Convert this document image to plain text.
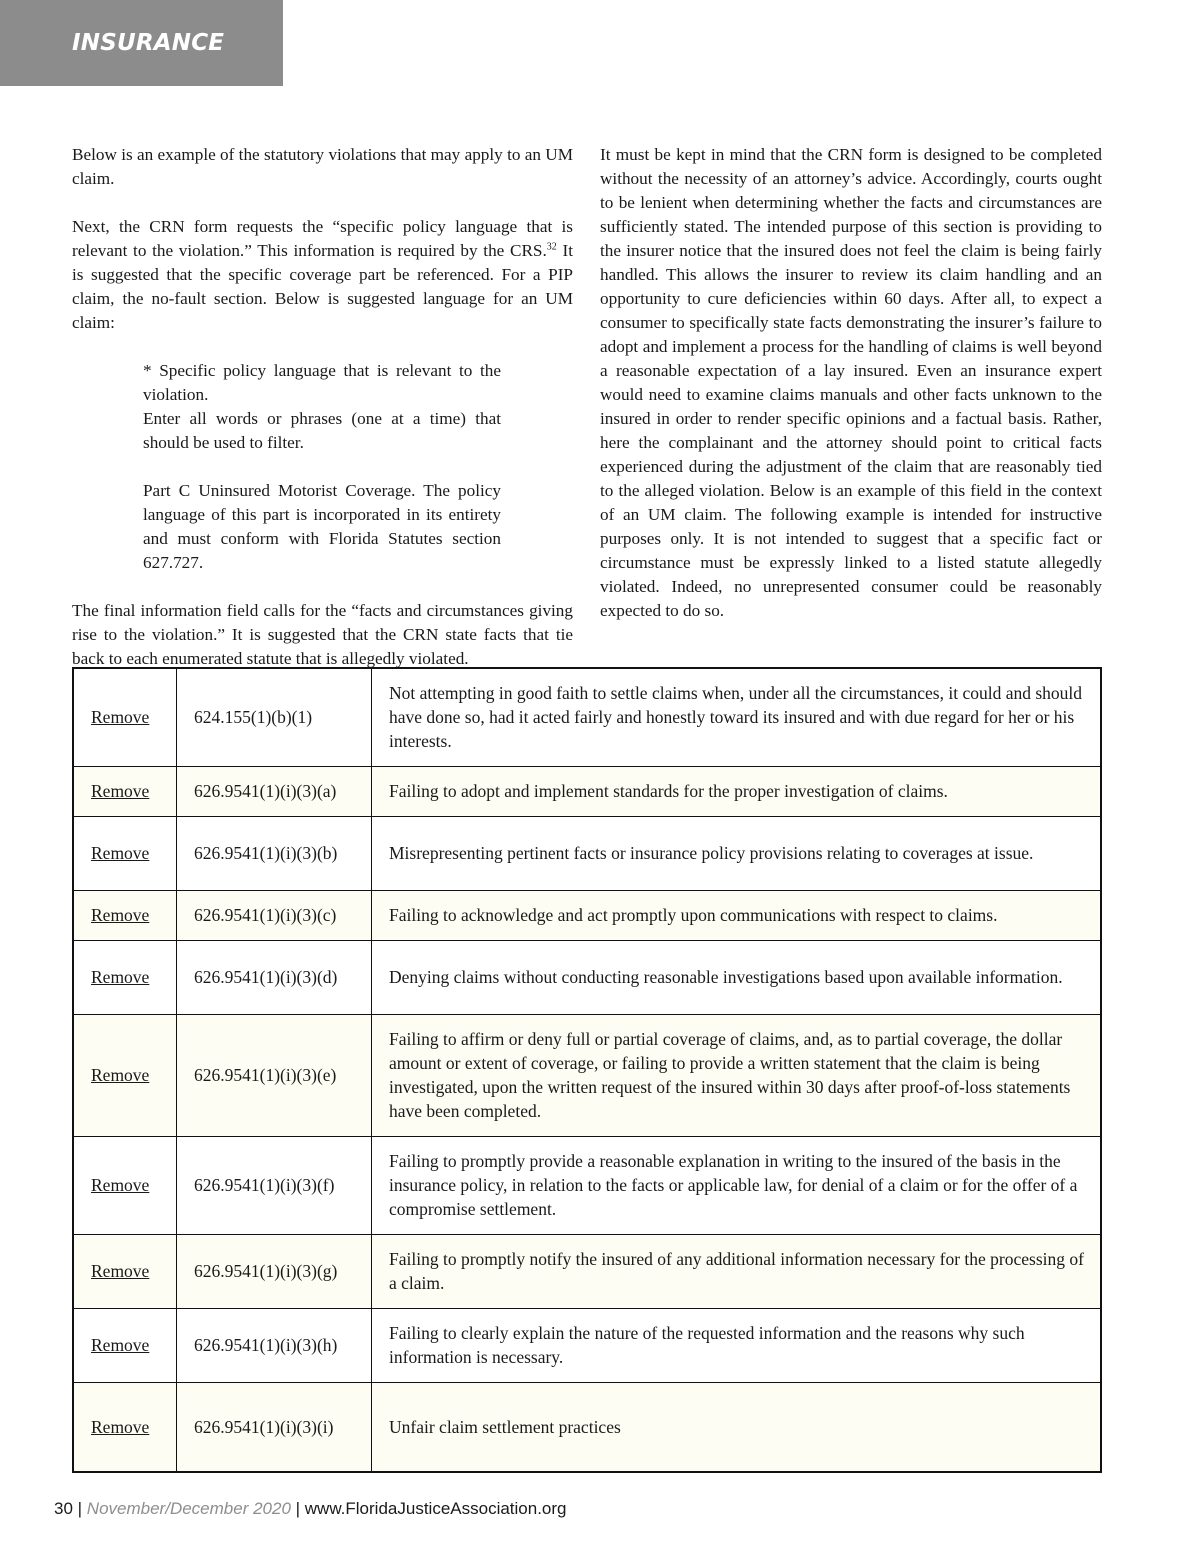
INSURANCE

Below is an example of the statutory violations that may apply to an UM claim.

Next, the CRN form requests the “specific policy language that is relevant to the violation.” This information is required by the CRS.$^{32}$ It is suggested that the specific coverage part be referenced. For a PIP claim, the no-fault section. Below is suggested language for an UM claim:

* Specific policy language that is relevant to the violation.

Enter all words or phrases (one at a time) that should be used to filter.

Part C Uninsured Motorist Coverage. The policy language of this part is incorporated in its entirety and must conform with Florida Statutes section 627.727.

The final information field calls for the “facts and circumstances giving rise to the violation.” It is suggested that the CRN state facts that tie back to each enumerated statute that is allegedly violated.

It must be kept in mind that the CRN form is designed to be completed without the necessity of an attorney’s advice. Accordingly, courts ought to be lenient when determining whether the facts and circumstances are sufficiently stated. The intended purpose of this section is providing to the insurer notice that the insured does not feel the claim is being fairly handled. This allows the insurer to review its claim handling and an opportunity to cure deficiencies within 60 days. After all, to expect a consumer to specifically state facts demonstrating the insurer’s failure to adopt and implement a process for the handling of claims is well beyond a reasonable expectation of a lay insured. Even an insurance expert would need to examine claims manuals and other facts unknown to the insured in order to render specific opinions and a factual basis. Rather, here the complainant and the attorney should point to critical facts experienced during the adjustment of the claim that are reasonably tied to the alleged violation. Below is an example of this field in the context of an UM claim. The following example is intended for instructive purposes only. It is not intended to suggest that a specific fact or circumstance must be expressly linked to a listed statute allegedly violated. Indeed, no unrepresented consumer could be reasonably expected to do so.

Remove	624.155(1)(b)(1)	Not attempting in good faith to settle claims when, under all the circumstances, it could and should have done so, had it acted fairly and honestly toward its insured and with due regard for her or his interests.
Remove	626.9541(1)(i)(3)(a)	Failing to adopt and implement standards for the proper investigation of claims.
Remove	626.9541(1)(i)(3)(b)	Misrepresenting pertinent facts or insurance policy provisions relating to coverages at issue.
Remove	626.9541(1)(i)(3)(c)	Failing to acknowledge and act promptly upon communications with respect to claims.
Remove	626.9541(1)(i)(3)(d)	Denying claims without conducting reasonable investigations based upon available information.
Remove	626.9541(1)(i)(3)(e)	Failing to affirm or deny full or partial coverage of claims, and, as to partial coverage, the dollar amount or extent of coverage, or failing to provide a written statement that the claim is being investigated, upon the written request of the insured within 30 days after proof-of-loss statements have been completed.
Remove	626.9541(1)(i)(3)(f)	Failing to promptly provide a reasonable explanation in writing to the insured of the basis in the insurance policy, in relation to the facts or applicable law, for denial of a claim or for the offer of a compromise settlement.
Remove	626.9541(1)(i)(3)(g)	Failing to promptly notify the insured of any additional information necessary for the processing of a claim.
Remove	626.9541(1)(i)(3)(h)	Failing to clearly explain the nature of the requested information and the reasons why such information is necessary.
Remove	626.9541(1)(i)(3)(i)	Unfair claim settlement practices
30 | November/December 2020 | www.FloridaJusticeAssociation.org
